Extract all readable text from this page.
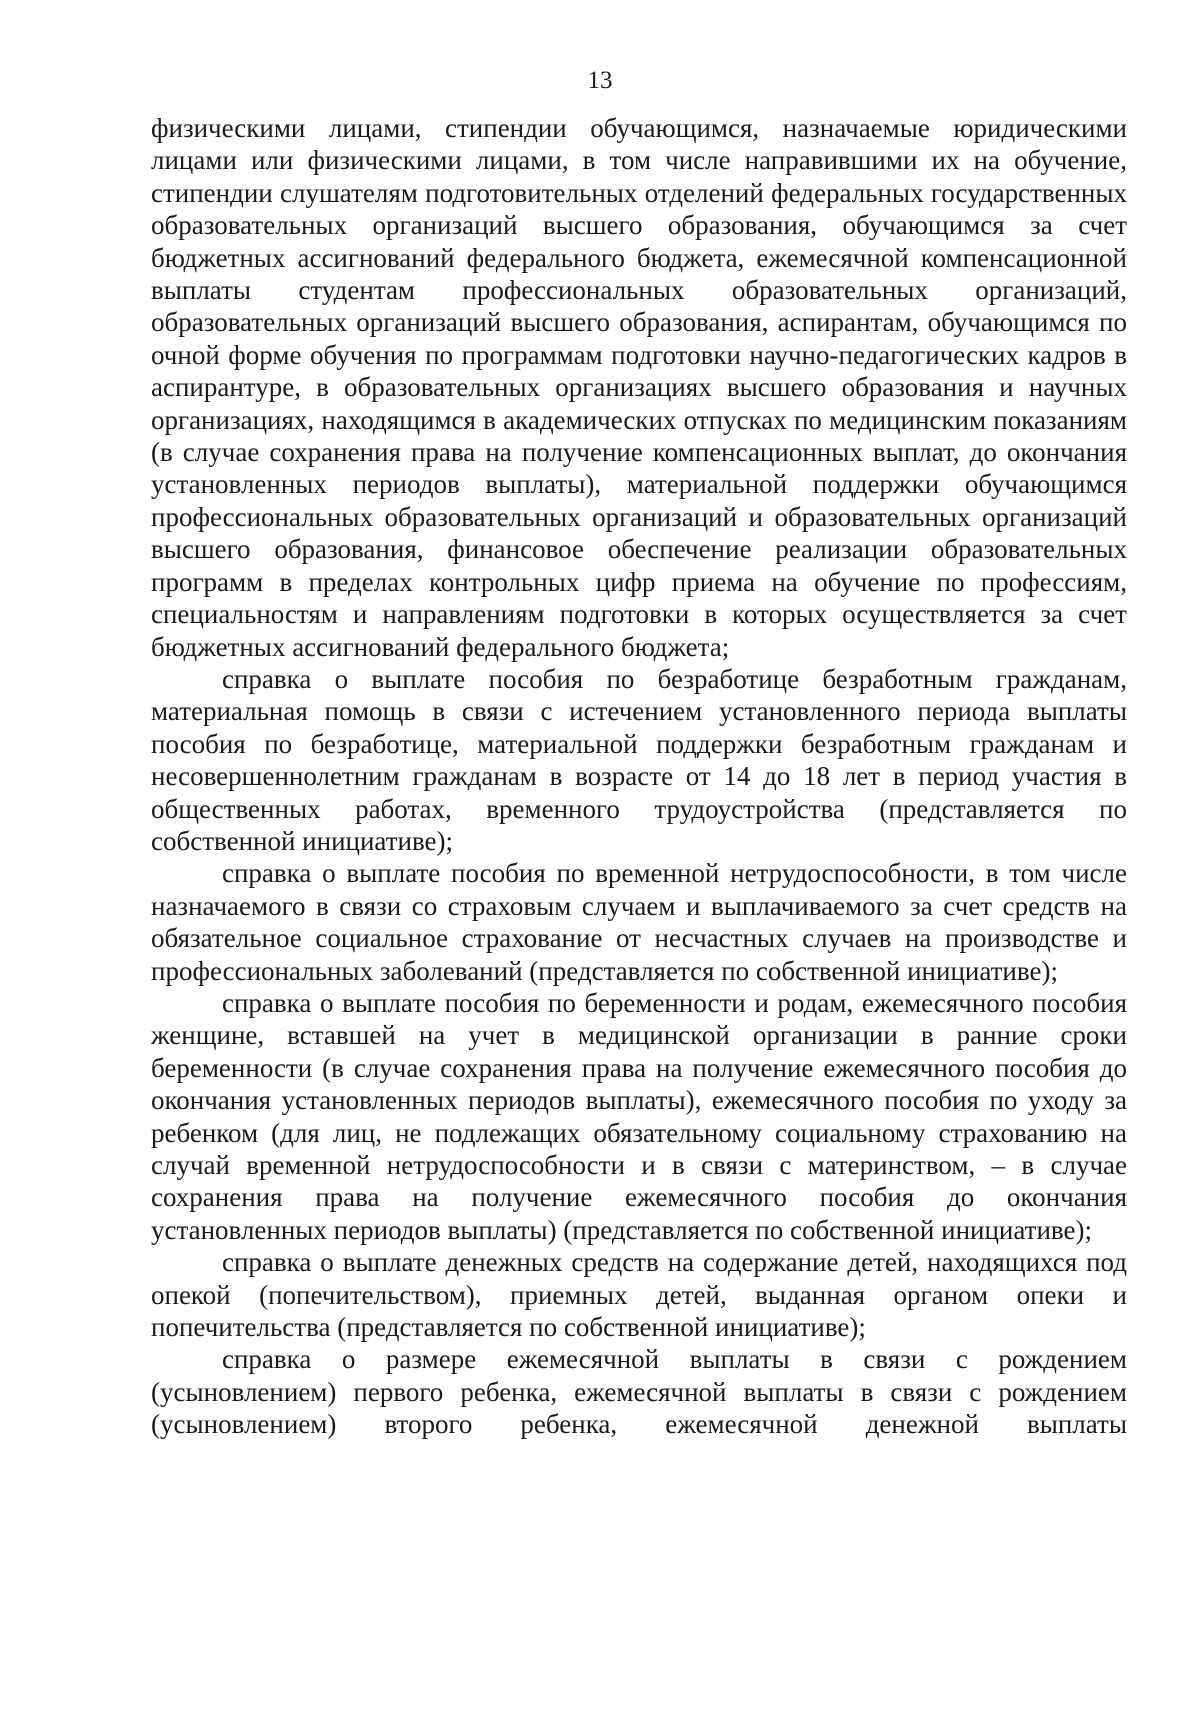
13

физическими лицами, стипендии обучающимся, назначаемые юридическими лицами или физическими лицами, в том числе направившими их на обучение, стипендии слушателям подготовительных отделений федеральных государственных образовательных организаций высшего образования, обучающимся за счет бюджетных ассигнований федерального бюджета, ежемесячной компенсационной выплаты студентам профессиональных образовательных организаций, образовательных организаций высшего образования, аспирантам, обучающимся по очной форме обучения по программам подготовки научно-педагогических кадров в аспирантуре, в образовательных организациях высшего образования и научных организациях, находящимся в академических отпусках по медицинским показаниям (в случае сохранения права на получение компенсационных выплат, до окончания установленных периодов выплаты), материальной поддержки обучающимся профессиональных образовательных организаций и образовательных организаций высшего образования, финансовое обеспечение реализации образовательных программ в пределах контрольных цифр приема на обучение по профессиям, специальностям и направлениям подготовки в которых осуществляется за счет бюджетных ассигнований федерального бюджета;

справка о выплате пособия по безработице безработным гражданам, материальная помощь в связи с истечением установленного периода выплаты пособия по безработице, материальной поддержки безработным гражданам и несовершеннолетним гражданам в возрасте от 14 до 18 лет в период участия в общественных работах, временного трудоустройства (представляется по собственной инициативе);

справка о выплате пособия по временной нетрудоспособности, в том числе назначаемого в связи со страховым случаем и выплачиваемого за счет средств на обязательное социальное страхование от несчастных случаев на производстве и профессиональных заболеваний (представляется по собственной инициативе);

справка о выплате пособия по беременности и родам, ежемесячного пособия женщине, вставшей на учет в медицинской организации в ранние сроки беременности (в случае сохранения права на получение ежемесячного пособия до окончания установленных периодов выплаты), ежемесячного пособия по уходу за ребенком (для лиц, не подлежащих обязательному социальному страхованию на случай временной нетрудоспособности и в связи с материнством, – в случае сохранения права на получение ежемесячного пособия до окончания установленных периодов выплаты) (представляется по собственной инициативе);

справка о выплате денежных средств на содержание детей, находящихся под опекой (попечительством), приемных детей, выданная органом опеки и попечительства (представляется по собственной инициативе);

справка о размере ежемесячной выплаты в связи с рождением (усыновлением) первого ребенка, ежемесячной выплаты в связи с рождением (усыновлением) второго ребенка, ежемесячной денежной выплаты
